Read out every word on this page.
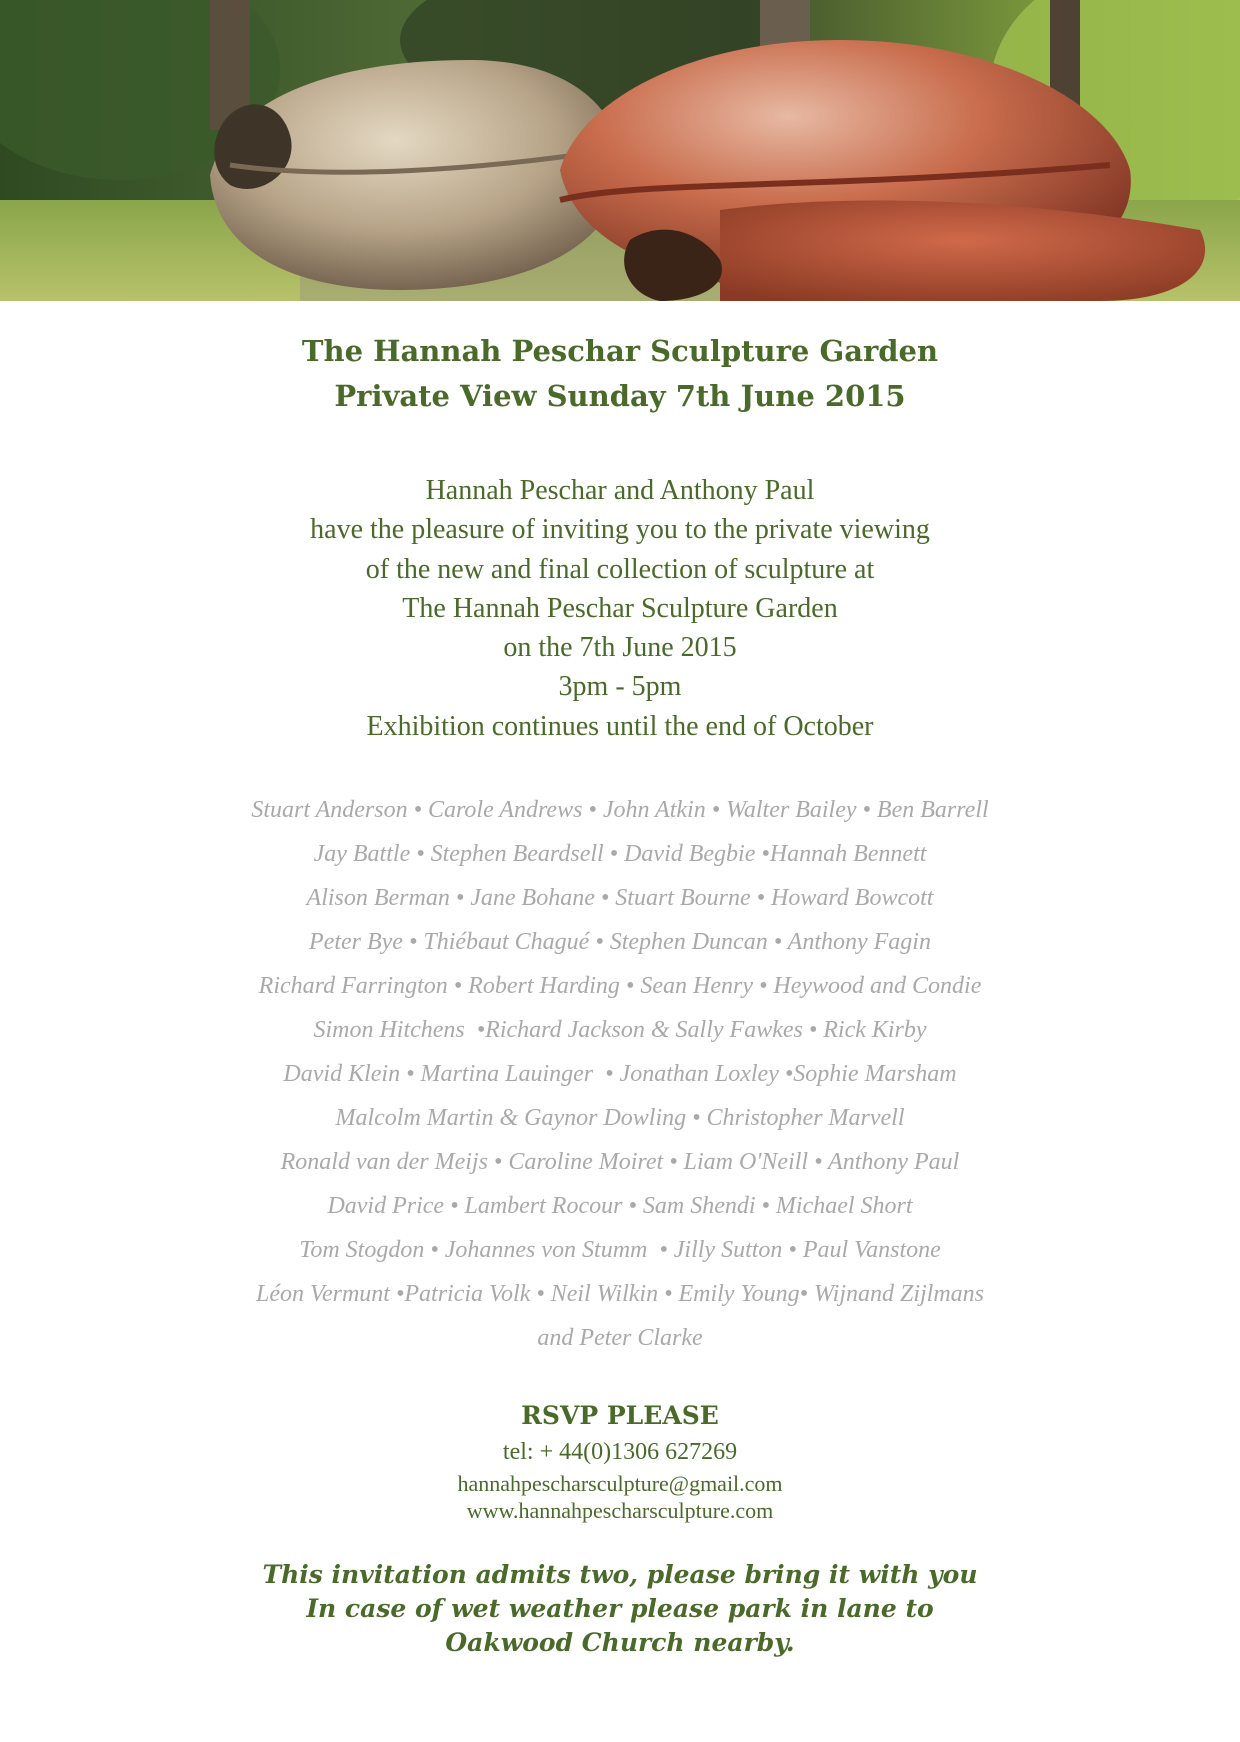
The Hannah Peschar Sculpture Garden
Private View Sunday 7th June 2015

Hannah Peschar and Anthony Paul
have the pleasure of inviting you to the private viewing
of the new and final collection of sculpture at
The Hannah Peschar Sculpture Garden
on the 7th June 2015
3pm - 5pm
Exhibition continues until the end of October

Stuart Anderson • Carole Andrews • John Atkin • Walter Bailey • Ben Barrell
Jay Battle • Stephen Beardsell • David Begbie •Hannah Bennett
Alison Berman • Jane Bohane • Stuart Bourne • Howard Bowcott
Peter Bye • Thiébaut Chagué • Stephen Duncan • Anthony Fagin
Richard Farrington • Robert Harding • Sean Henry • Heywood and Condie
Simon Hitchens  •Richard Jackson & Sally Fawkes • Rick Kirby
David Klein • Martina Lauinger  • Jonathan Loxley •Sophie Marsham
Malcolm Martin & Gaynor Dowling • Christopher Marvell
Ronald van der Meijs • Caroline Moiret • Liam O'Neill • Anthony Paul
David Price • Lambert Rocour • Sam Shendi • Michael Short
Tom Stogdon • Johannes von Stumm  • Jilly Sutton • Paul Vanstone
Léon Vermunt •Patricia Volk • Neil Wilkin • Emily Young• Wijnand Zijlmans
and Peter Clarke

RSVP PLEASE

tel: + 44(0)1306 627269
hannahpescharsculpture@gmail.com
www.hannahpescharsculpture.com

This invitation admits two, please bring it with you
In case of wet weather please park in lane to
Oakwood Church nearby.
